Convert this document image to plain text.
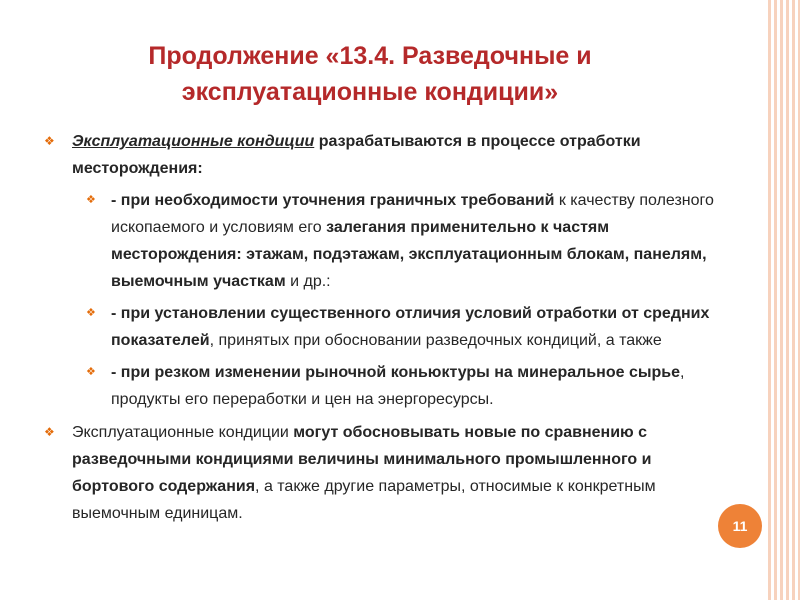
Продолжение «13.4. Разведочные и
эксплуатационные кондиции»

❖ Эксплуатационные кондиции разрабатываются в процессе отработки месторождения:

❖ - при необходимости уточнения граничных требований к качеству полезного ископаемого и условиям его залегания применительно к частям месторождения: этажам, подэтажам, эксплуатационным блокам, панелям, выемочным участкам и др.:

❖ - при установлении существенного отличия условий отработки от средних показателей, принятых при обосновании разведочных кондиций, а также

❖ - при резком изменении рыночной коньюктуры на минеральное сырье, продукты его переработки и цен на энергоресурсы.

❖ Эксплуатационные кондиции могут обосновывать новые по сравнению с разведочными кондициями величины минимального промышленного и бортового содержания, а также другие параметры, относимые к конкретным выемочным единицам.

11
